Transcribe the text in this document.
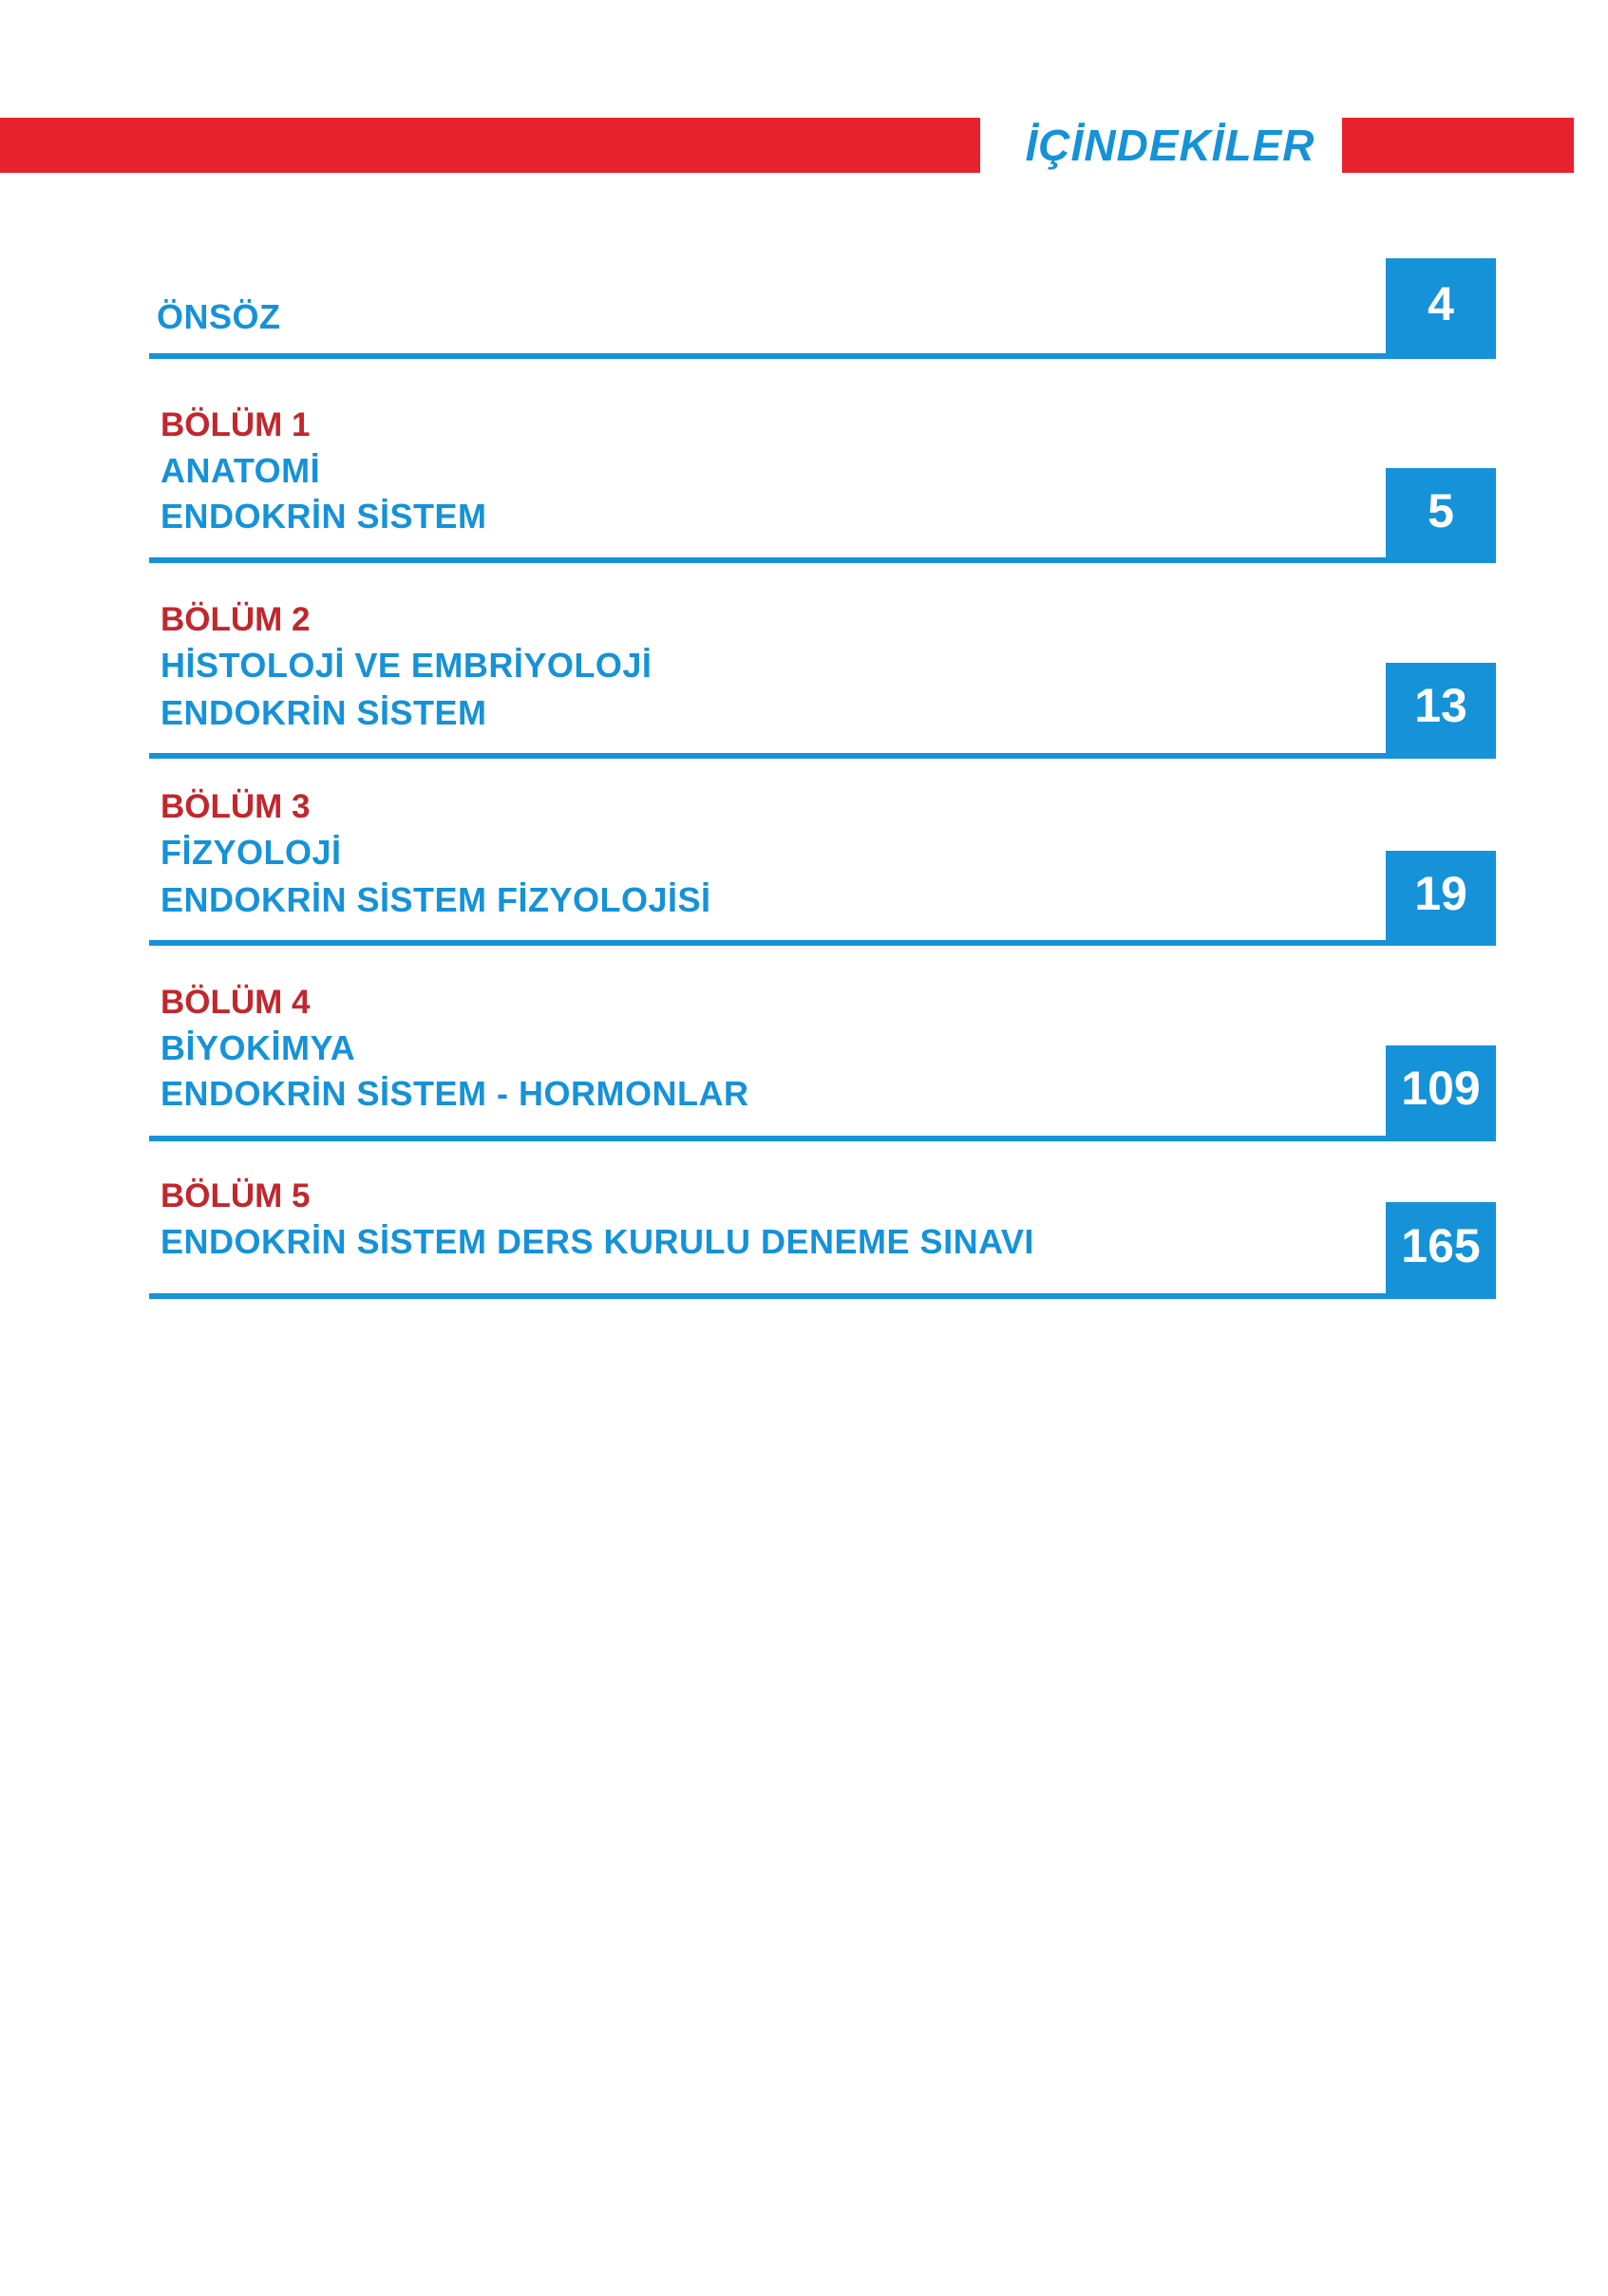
İÇİNDEKİLER
ÖNSÖZ	4
BÖLÜM 1
ANATOMİ
ENDOKRİN SİSTEM	5
BÖLÜM 2
HİSTOLOJİ VE EMBRİYOLOJİ
ENDOKRİN SİSTEM	13
BÖLÜM 3
FİZYOLOJİ
ENDOKRİN SİSTEM FİZYOLOJİSİ	19
BÖLÜM 4
BİYOKİMYA
ENDOKRİN SİSTEM - HORMONLAR	109
BÖLÜM 5
ENDOKRİN SİSTEM DERS KURULU DENEME SINAVI	165
